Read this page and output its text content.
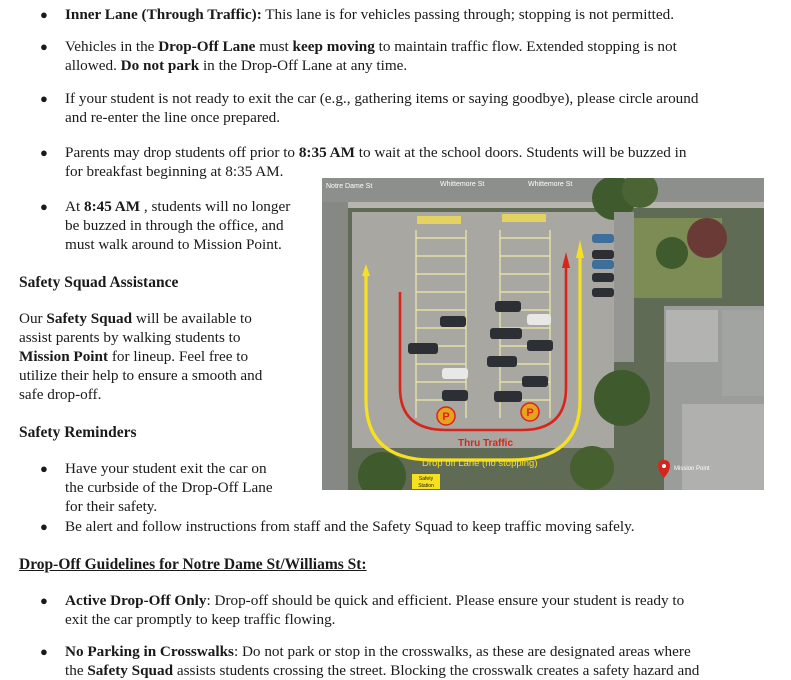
● Inner Lane (Through Traffic): This lane is for vehicles passing through; stopping is not permitted.
● Vehicles in the Drop-Off Lane must keep moving to maintain traffic flow. Extended stopping is not
allowed. Do not park in the Drop-Off Lane at any time.
● If your student is not ready to exit the car (e.g., gathering items or saying goodbye), please circle around
and re-enter the line once prepared.
● Parents may drop students off prior to 8:35 AM to wait at the school doors. Students will be buzzed in
for breakfast beginning at 8:35 AM.
● At 8:45 AM , students will no longer
be buzzed in through the office, and
must walk around to Mission Point.
Safety Squad Assistance
Our Safety Squad will be available to
assist parents by walking students to
Mission Point for lineup. Feel free to
utilize their help to ensure a smooth and
safe drop-off.
Safety Reminders
● Have your student exit the car on
the curbside of the Drop-Off Lane
for their safety.
● Be alert and follow instructions from staff and the Safety Squad to keep traffic moving safely.
Drop-Off Guidelines for Notre Dame St/Williams St:
● Active Drop-Off Only: Drop-off should be quick and efficient. Please ensure your student is ready to
exit the car promptly to keep traffic flowing.
● No Parking in Crosswalks: Do not park or stop in the crosswalks, as these are designated areas where
the Safety Squad assists students crossing the street. Blocking the crosswalk creates a safety hazard and
P	P
Thru Traffic
Drop off Lane (no stopping)
Notre Dame St	Whittemore St	Whittemore St
Safety
Station
Mission Point
